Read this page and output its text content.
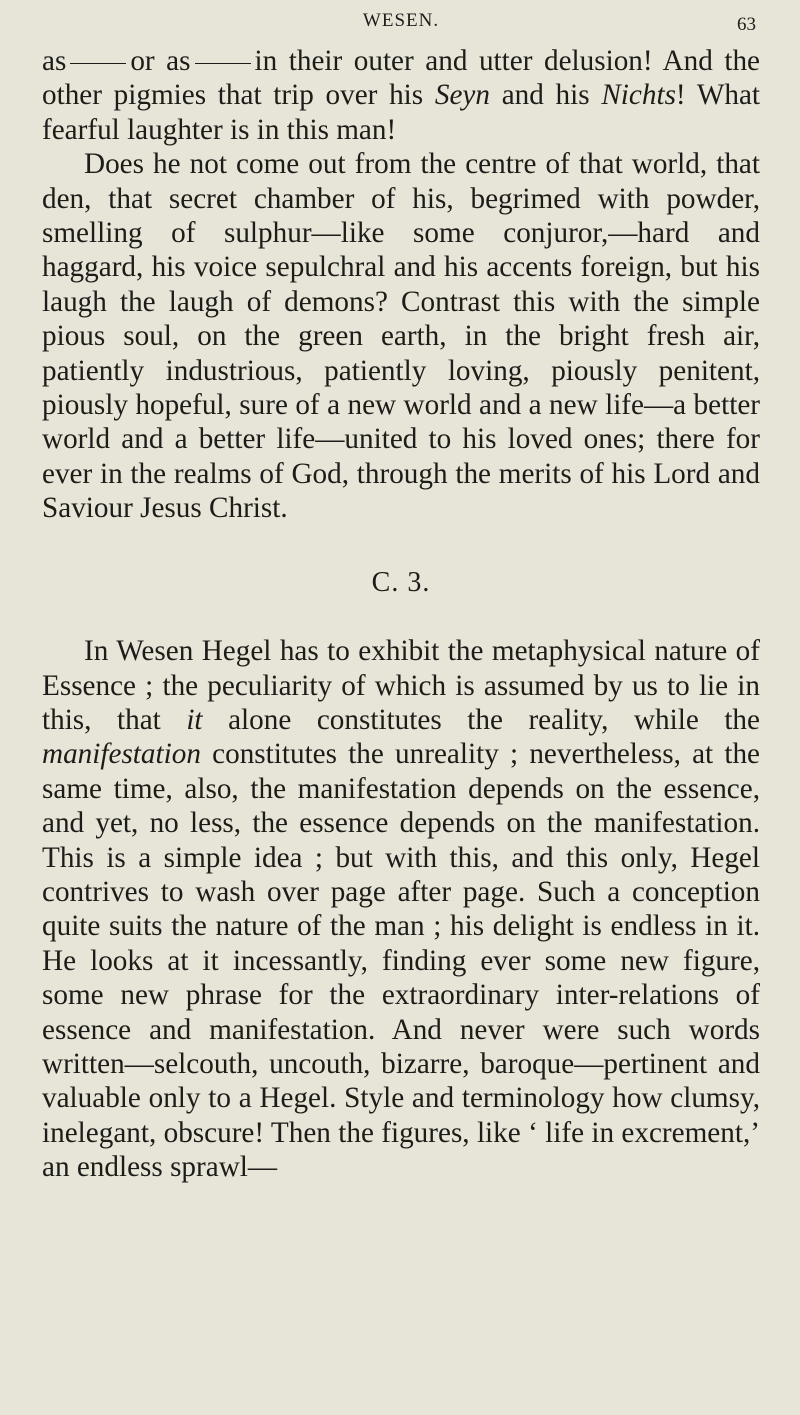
WESEN.	63

as or as in their outer and utter delusion! And the other pigmies that trip over his Seyn and his Nichts! What fearful laughter is in this man!

Does he not come out from the centre of that world, that den, that secret chamber of his, begrimed with powder, smelling of sulphur—like some conjuror,—hard and haggard, his voice sepulchral and his accents foreign, but his laugh the laugh of demons? Contrast this with the simple pious soul, on the green earth, in the bright fresh air, patiently industrious, patiently loving, piously penitent, piously hopeful, sure of a new world and a new life—a better world and a better life—united to his loved ones; there for ever in the realms of God, through the merits of his Lord and Saviour Jesus Christ.

C. 3.

In Wesen Hegel has to exhibit the metaphysical nature of Essence ; the peculiarity of which is assumed by us to lie in this, that it alone constitutes the reality, while the manifestation constitutes the unreality ; nevertheless, at the same time, also, the manifestation depends on the essence, and yet, no less, the essence depends on the manifestation. This is a simple idea ; but with this, and this only, Hegel contrives to wash over page after page. Such a conception quite suits the nature of the man ; his delight is endless in it. He looks at it incessantly, finding ever some new figure, some new phrase for the extraordinary inter-relations of essence and manifestation. And never were such words written—selcouth, uncouth, bizarre, baroque—pertinent and valuable only to a Hegel. Style and terminology how clumsy, inelegant, obscure! Then the figures, like ‘ life in excrement,’ an endless sprawl—
